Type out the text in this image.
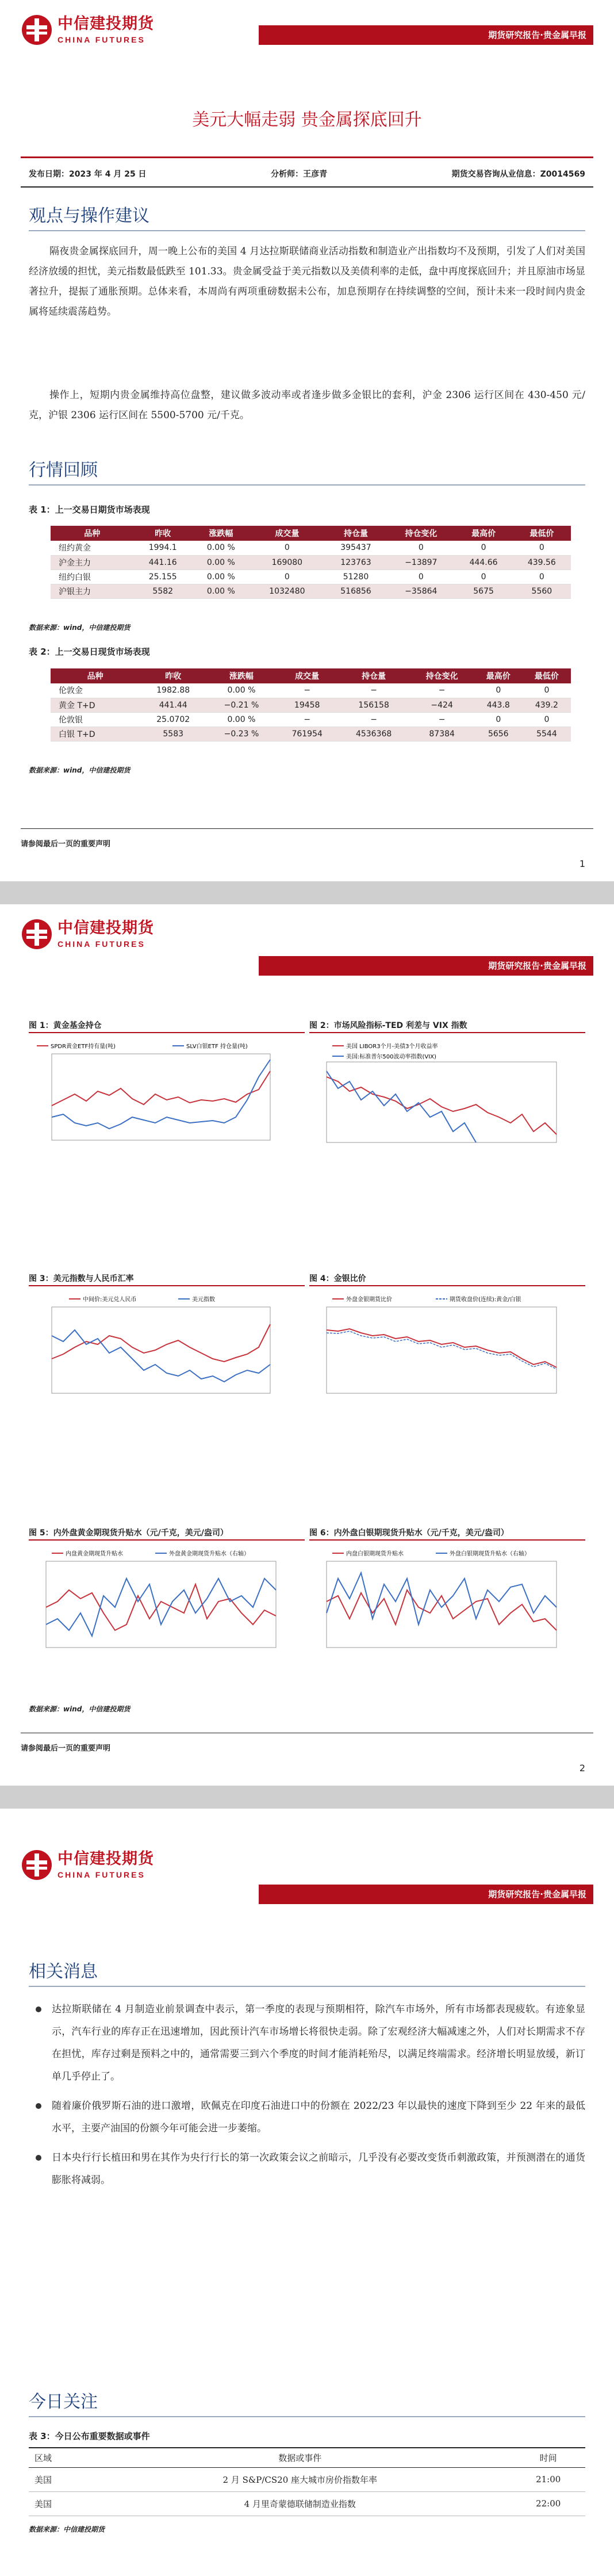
中信建投期货
CHINA FUTURES	期货研究报告·贵金属早报
美元大幅走弱 贵金属探底回升
发布日期：2023 年 4 月 25 日	分析师：王彦青	期货交易咨询从业信息：Z0014569
观点与操作建议
隔夜贵金属探底回升，周一晚上公布的美国 4 月达拉斯联储商业活动指数和制造业产出指数均不及预期，引发了人们对美国经济放缓的担忧，美元指数最低跌至 101.33。贵金属受益于美元指数以及美债利率的走低，盘中再度探底回升；并且原油市场显著拉升，提振了通胀预期。总体来看，本周尚有两项重磅数据未公布，加息预期存在持续调整的空间，预计未来一段时间内贵金属将延续震荡趋势。
操作上，短期内贵金属维持高位盘整，建议做多波动率或者逢步做多金银比的套利，沪金 2306 运行区间在 430-450 元/克，沪银 2306 运行区间在 5500-5700 元/千克。
行情回顾
表 1：上一交易日期货市场表现
品种	昨收	涨跌幅	成交量	持仓量	持仓变化	最高价	最低价
纽约黄金	1994.1	0.00 %	0	395437	0	0	0
沪金主力	441.16	0.00 %	169080	123763	−13897	444.66	439.56
纽约白银	25.155	0.00 %	0	51280	0	0	0
沪银主力	5582	0.00 %	1032480	516856	−35864	5675	5560
数据来源：wind，中信建投期货
表 2：上一交易日现货市场表现
品种	昨收	涨跌幅	成交量	持仓量	持仓变化	最高价	最低价
伦敦金	1982.88	0.00 %	−	−	−	0	0
黄金 T+D	441.44	−0.21 %	19458	156158	−424	443.8	439.2
伦敦银	25.0702	0.00 %	−	−	−	0	0
白银 T+D	5583	−0.23 %	761954	4536368	87384	5656	5544
数据来源：wind，中信建投期货
请参阅最后一页的重要声明
1
中信建投期货
CHINA FUTURES
期货研究报告·贵金属早报
图 1：黄金基金持仓
SPDR黄金ETF持有量(吨)	SLV白银ETF 持仓量(吨)
图 2：市场风险指标-TED 利差与 VIX 指数
美国 LIBOR3个月-美债3个月收益率
美国:标准普尔500波动率指数(VIX)
图 3：美元指数与人民币汇率
中间价:美元兑人民币	美元指数
图 4：金银比价
外盘金银期货比价	期货收盘价(连续):黄金/白银
图 5：内外盘黄金期现货升贴水（元/千克，美元/盎司）
内盘黄金期现货升贴水	外盘黄金期现货升贴水（右轴）
图 6：内外盘白银期现货升贴水（元/千克，美元/盎司）
内盘白银期现货升贴水	外盘白银期现货升贴水（右轴）
数据来源：wind，中信建投期货
请参阅最后一页的重要声明
2
中信建投期货
CHINA FUTURES
期货研究报告·贵金属早报
相关消息
达拉斯联储在 4 月制造业前景调查中表示，第一季度的表现与预期相符，除汽车市场外，所有市场都表现疲软。有迹象显示，汽车行业的库存正在迅速增加，因此预计汽车市场增长将很快走弱。除了宏观经济大幅减速之外，人们对长期需求不存在担忧，库存过剩是预料之中的，通常需要三到六个季度的时间才能消耗殆尽，以满足终端需求。经济增长明显放缓，新订单几乎停止了。
随着廉价俄罗斯石油的进口激增，欧佩克在印度石油进口中的份额在 2022/23 年以最快的速度下降到至少 22 年来的最低水平，主要产油国的份额今年可能会进一步萎缩。
日本央行行长植田和男在其作为央行行长的第一次政策会议之前暗示，几乎没有必要改变货币刺激政策，并预测潜在的通货膨胀将减弱。
今日关注
表 3：今日公布重要数据或事件
区域	数据或事件	时间
美国	2 月 S&P/CS20 座大城市房价指数年率	21:00
美国	4 月里奇蒙德联储制造业指数	22:00
数据来源：中信建投期货
